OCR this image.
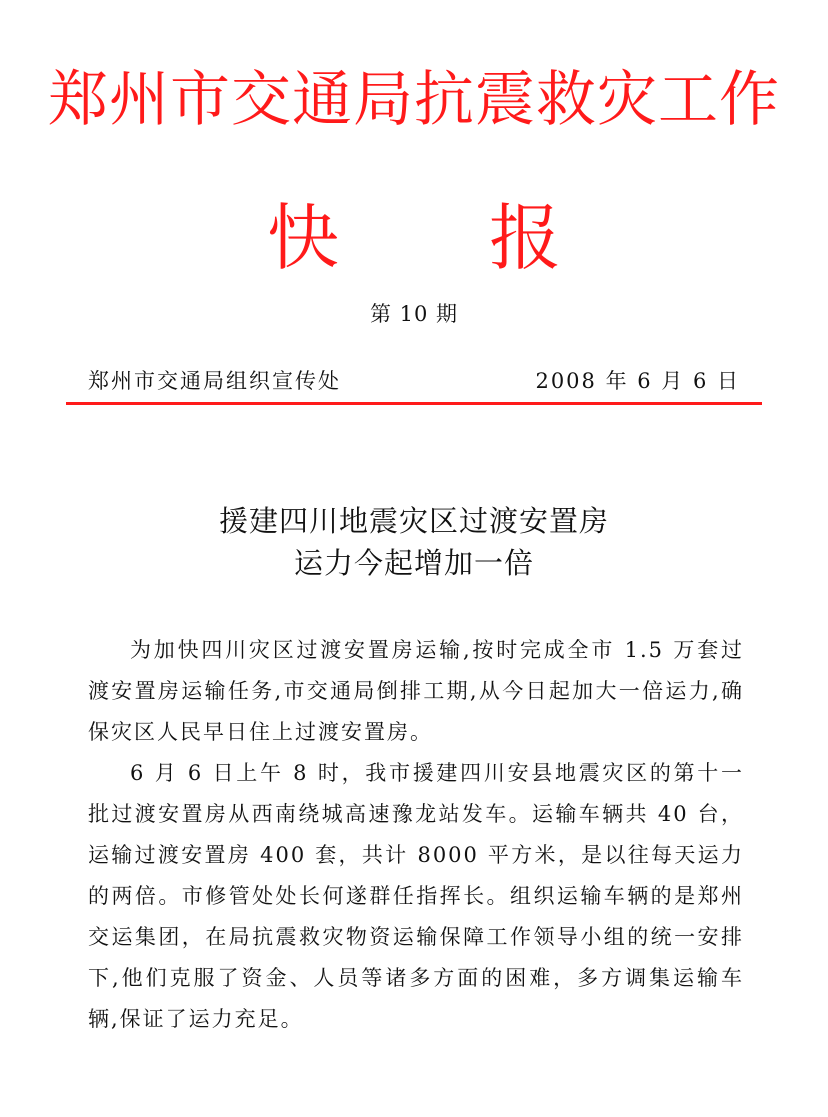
郑州市交通局抗震救灾工作
快 报
第 10 期
郑州市交通局组织宣传处	2008 年 6 月 6 日
援建四川地震灾区过渡安置房
运力今起增加一倍

为加快四川灾区过渡安置房运输,按时完成全市 1.5 万套过渡安置房运输任务,市交通局倒排工期,从今日起加大一倍运力,确保灾区人民早日住上过渡安置房。

6 月 6 日上午 8 时，我市援建四川安县地震灾区的第十一批过渡安置房从西南绕城高速豫龙站发车。运输车辆共 40 台，运输过渡安置房 400 套，共计 8000 平方米，是以往每天运力的两倍。市修管处处长何遂群任指挥长。组织运输车辆的是郑州交运集团，在局抗震救灾物资运输保障工作领导小组的统一安排下,他们克服了资金、人员等诸多方面的困难，多方调集运输车辆,保证了运力充足。
